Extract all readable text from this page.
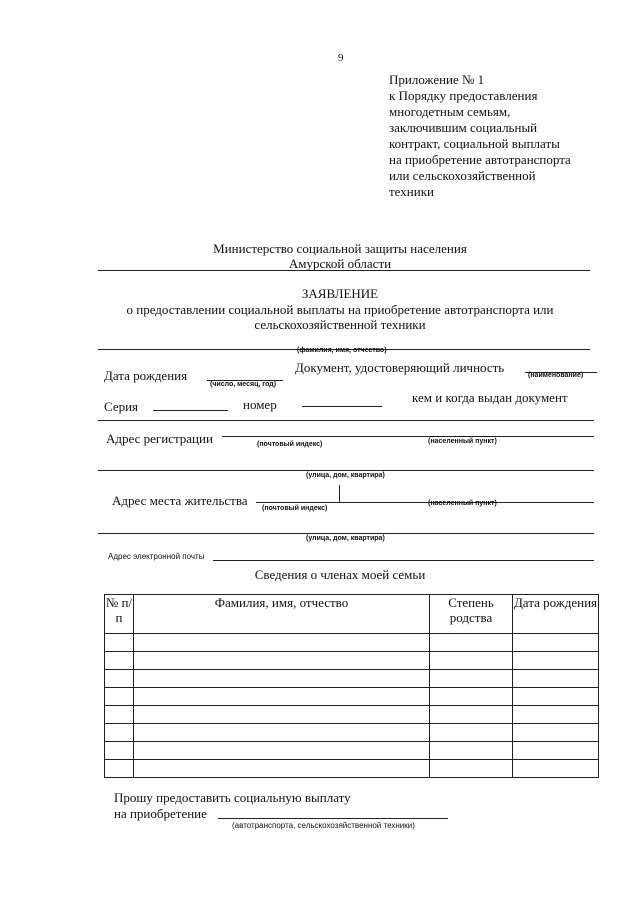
9
Приложение № 1
к Порядку предоставления
многодетным семьям,
заключившим социальный
контракт, социальной выплаты
на приобретение автотранспорта
или сельскохозяйственной
техники
Министерство социальной защиты населения
Амурской области
ЗАЯВЛЕНИЕ
о предоставлении социальной выплаты на приобретение автотранспорта или
сельскохозяйственной техники
(фамилия, имя, отчество)
Дата рождения
(число, месяц, год)
Документ, удостоверяющий личность
(наименование)
Серия	номер	кем и когда выдан документ
Адрес регистрации	(почтовый индекс)	(населенный пункт)
(улица, дом, квартира)
Адрес места жительства
(почтовый индекс)
(населенный пункт)
(улица, дом, квартира)
Адрес электронной почты
Сведения о членах моей семьи
№ п/п	Фамилия, имя, отчество	Степень родства	Дата рождения

Прошу предоставить социальную выплату
на приобретение
(автотранспорта, сельскохозяйственной техники)
